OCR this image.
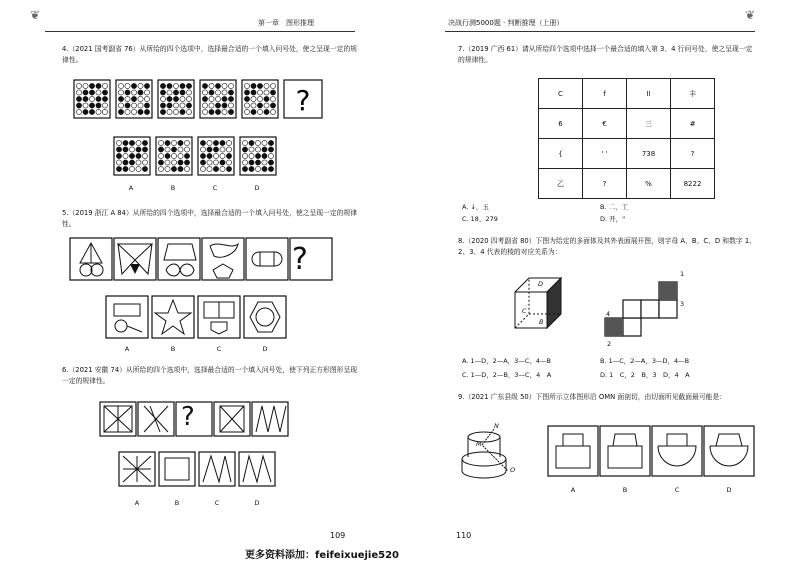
❦
第一章　图形推理
4.（2021 国考副省 76）从所给的四个选项中，选择最合适的一个填入问号处，使之呈现一定的规律性。
?
A	B	C	D
5.（2019 浙江 A 84）从所给的四个选项中，选择最合适的一个填入问号处，使之呈现一定的规律性。
?
A	B	C	D
6.（2021 安徽 74）从所给的四个选项中，选择最合适的一个填入问号处，使下列正方形图形呈现一定的规律性。
?
A	B	C	D
109
❦
决战行测5000题 · 判断推理（上册）
7.（2019 广西 61）请从所给四个选项中选择一个最合适的填入第 3、4 行问号处，使之呈现一定的规律性。
C	f	II	丰
6	€	三	#
{	' '	738	?
乙	?	%	8222
A. ↓，玉	B. 二，工
C. 18，279	D. 开，"
8.（2020 四考副省 80）下图为给定的多面体及其外表面展开图，则字母 A、B、C、D 和数字 1、2、3、4 代表的棱的对应关系为：
D
C
B
1
3
4
2
A. 1—D，2—A，3—C，4—B	B. 1—C，2—A，3—D，4—B
C. 1—D，2—B，3—C，4　A	D. 1　C，2　B，3　D，4　A
9.（2021 广东县级 50）下图所示立体图形沿 OMN 面剖切，由切面所见截面最可能是：
N
M
O
A	B	C	D
110
更多资料添加：feifeixuejie520
